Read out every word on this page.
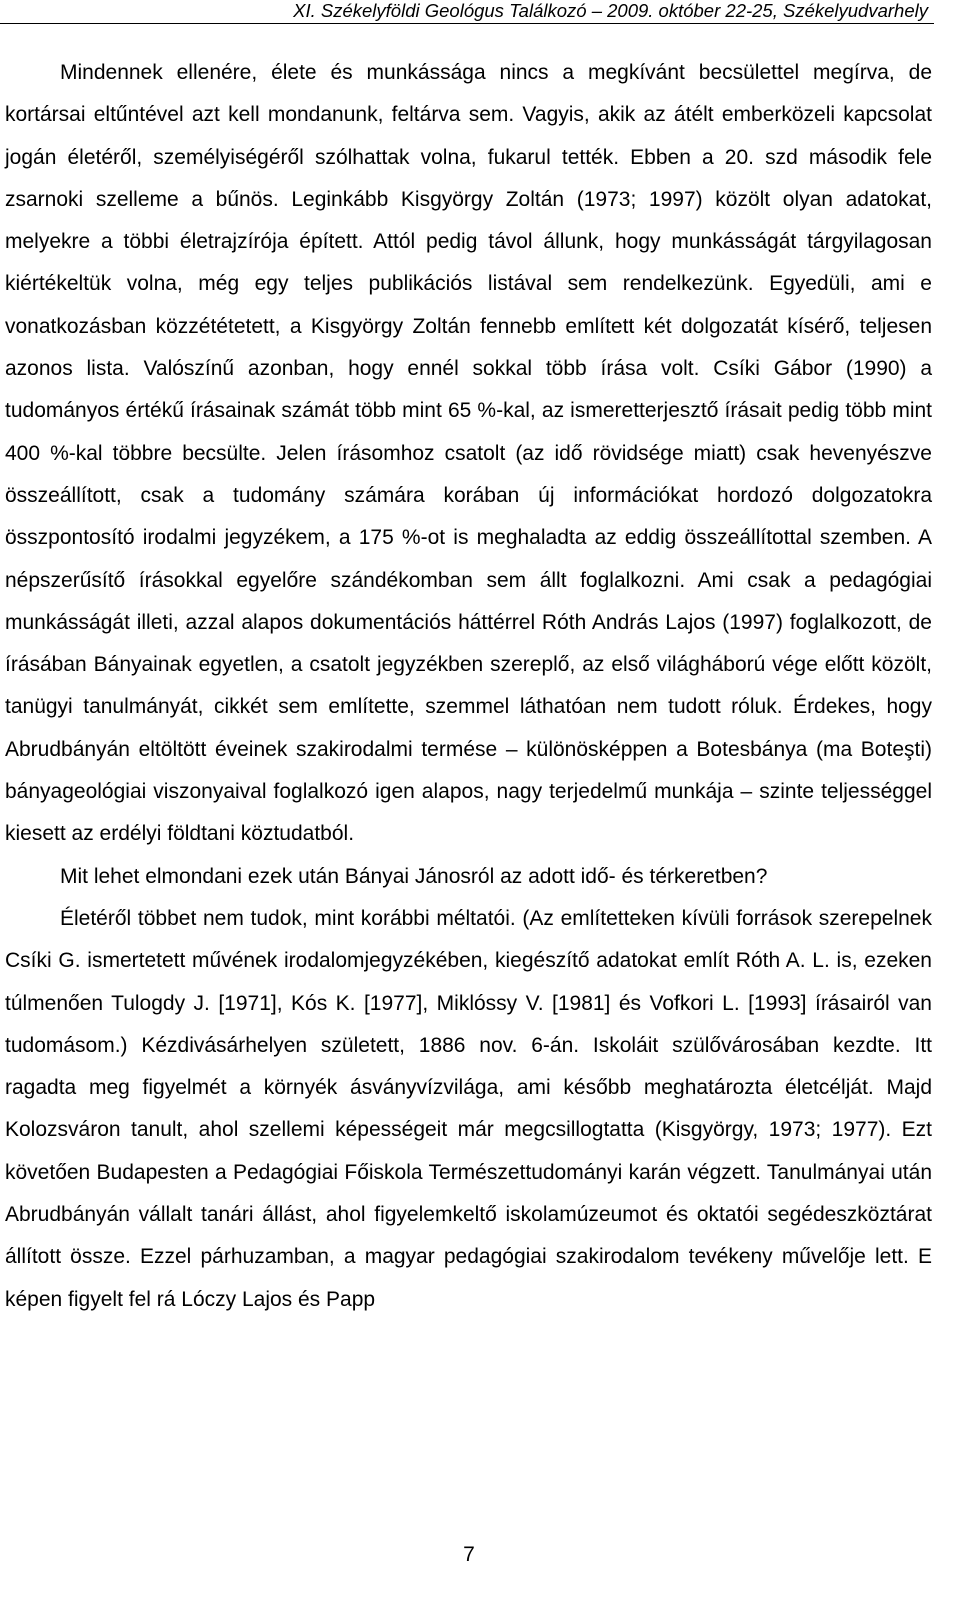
XI. Székelyföldi Geológus Találkozó – 2009. október 22-25, Székelyudvarhely

Mindennek ellenére, élete és munkássága nincs a megkívánt becsülettel megírva, de kortársai eltűntével azt kell mondanunk, feltárva sem. Vagyis, akik az átélt emberközeli kapcsolat jogán életéről, személyiségéről szólhattak volna, fukarul tették. Ebben a 20. szd második fele zsarnoki szelleme a bűnös. Leginkább Kisgyörgy Zoltán (1973; 1997) közölt olyan adatokat, melyekre a többi életrajzírója épített. Attól pedig távol állunk, hogy munkásságát tárgyilagosan kiértékeltük volna, még egy teljes publikációs listával sem rendelkezünk. Egyedüli, ami e vonatkozásban közzététetett, a Kisgyörgy Zoltán fennebb említett két dolgozatát kísérő, teljesen azonos lista. Valószínű azonban, hogy ennél sokkal több írása volt. Csíki Gábor (1990) a tudományos értékű írásainak számát több mint 65 %-kal, az ismeretterjesztő írásait pedig több mint 400 %-kal többre becsülte. Jelen írásomhoz csatolt (az idő rövidsége miatt) csak hevenyészve összeállított, csak a tudomány számára korában új információkat hordozó dolgozatokra összpontosító irodalmi jegyzékem, a 175 %-ot is meghaladta az eddig összeállítottal szemben. A népszerűsítő írásokkal egyelőre szándékomban sem állt foglalkozni. Ami csak a pedagógiai munkásságát illeti, azzal alapos dokumentációs háttérrel Róth András Lajos (1997) foglalkozott, de írásában Bányainak egyetlen, a csatolt jegyzékben szereplő, az első világháború vége előtt közölt, tanügyi tanulmányát, cikkét sem említette, szemmel láthatóan nem tudott róluk. Érdekes, hogy Abrudbányán eltöltött éveinek szakirodalmi termése – különösképpen a Botesbánya (ma Boteşti) bányageológiai viszonyaival foglalkozó igen alapos, nagy terjedelmű munkája – szinte teljességgel kiesett az erdélyi földtani köztudatból.

Mit lehet elmondani ezek után Bányai Jánosról az adott idő- és térkeretben?

Életéről többet nem tudok, mint korábbi méltatói. (Az említetteken kívüli források szerepelnek Csíki G. ismertetett művének irodalomjegyzékében, kiegészítő adatokat említ Róth A. L. is, ezeken túlmenően Tulogdy J. [1971], Kós K. [1977], Miklóssy V. [1981] és Vofkori L. [1993] írásairól van tudomásom.) Kézdivásárhelyen született, 1886 nov. 6-án. Iskoláit szülővárosában kezdte. Itt ragadta meg figyelmét a környék ásványvízvilága, ami később meghatározta életcélját. Majd Kolozsváron tanult, ahol szellemi képességeit már megcsillogtatta (Kisgyörgy, 1973; 1977). Ezt követően Budapesten a Pedagógiai Főiskola Természettudományi karán végzett. Tanulmányai után Abrudbányán vállalt tanári állást, ahol figyelemkeltő iskolamúzeumot és oktatói segédeszköztárat állított össze. Ezzel párhuzamban, a magyar pedagógiai szakirodalom tevékeny művelője lett. E képen figyelt fel rá Lóczy Lajos és Papp

7
